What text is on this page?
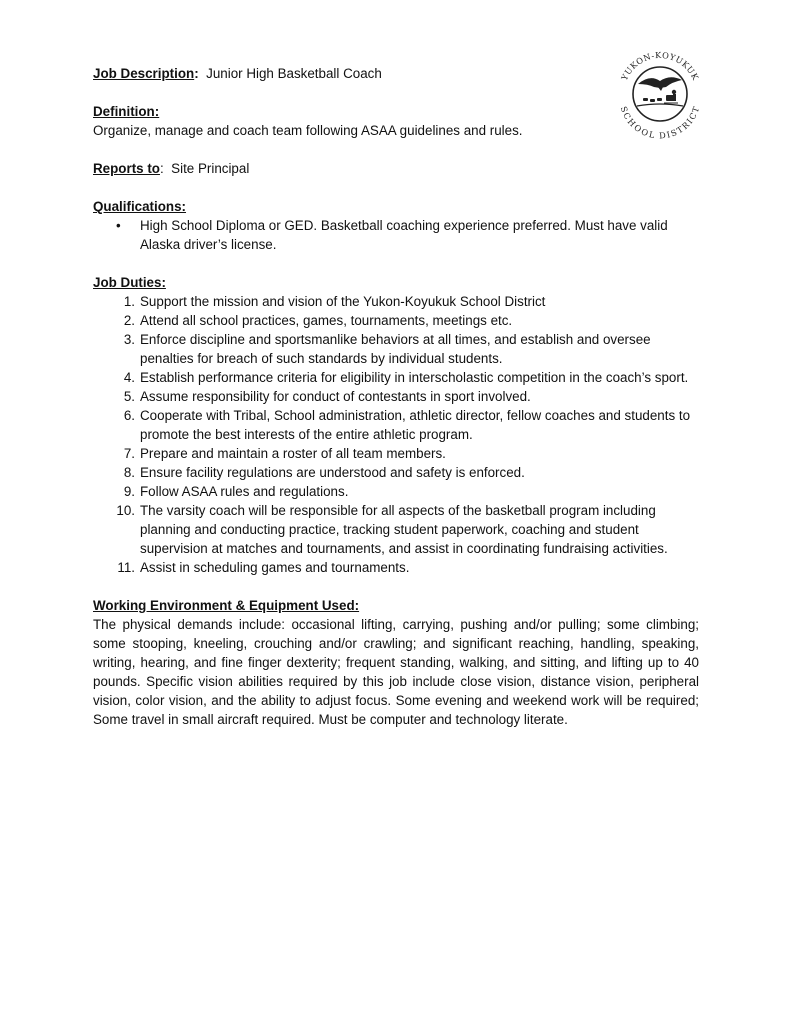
YUKON-KOYUKUK
SCHOOL DISTRICT

Job Description: Junior High Basketball Coach

Definition:

Organize, manage and coach team following ASAA guidelines and rules.

Reports to: Site Principal

Qualifications:

• High School Diploma or GED. Basketball coaching experience preferred. Must have valid Alaska driver’s license.

Job Duties:

1. Support the mission and vision of the Yukon-Koyukuk School District
2. Attend all school practices, games, tournaments, meetings etc.
3. Enforce discipline and sportsmanlike behaviors at all times, and establish and oversee penalties for breach of such standards by individual students.
4. Establish performance criteria for eligibility in interscholastic competition in the coach’s sport.
5. Assume responsibility for conduct of contestants in sport involved.
6. Cooperate with Tribal, School administration, athletic director, fellow coaches and students to promote the best interests of the entire athletic program.
7. Prepare and maintain a roster of all team members.
8. Ensure facility regulations are understood and safety is enforced.
9. Follow ASAA rules and regulations.
10. The varsity coach will be responsible for all aspects of the basketball program including planning and conducting practice, tracking student paperwork, coaching and student supervision at matches and tournaments, and assist in coordinating fundraising activities.
11. Assist in scheduling games and tournaments.

Working Environment & Equipment Used:

The physical demands include: occasional lifting, carrying, pushing and/or pulling; some climbing; some stooping, kneeling, crouching and/or crawling; and significant reaching, handling, speaking, writing, hearing, and fine finger dexterity; frequent standing, walking, and sitting, and lifting up to 40 pounds. Specific vision abilities required by this job include close vision, distance vision, peripheral vision, color vision, and the ability to adjust focus. Some evening and weekend work will be required; Some travel in small aircraft required. Must be computer and technology literate.
